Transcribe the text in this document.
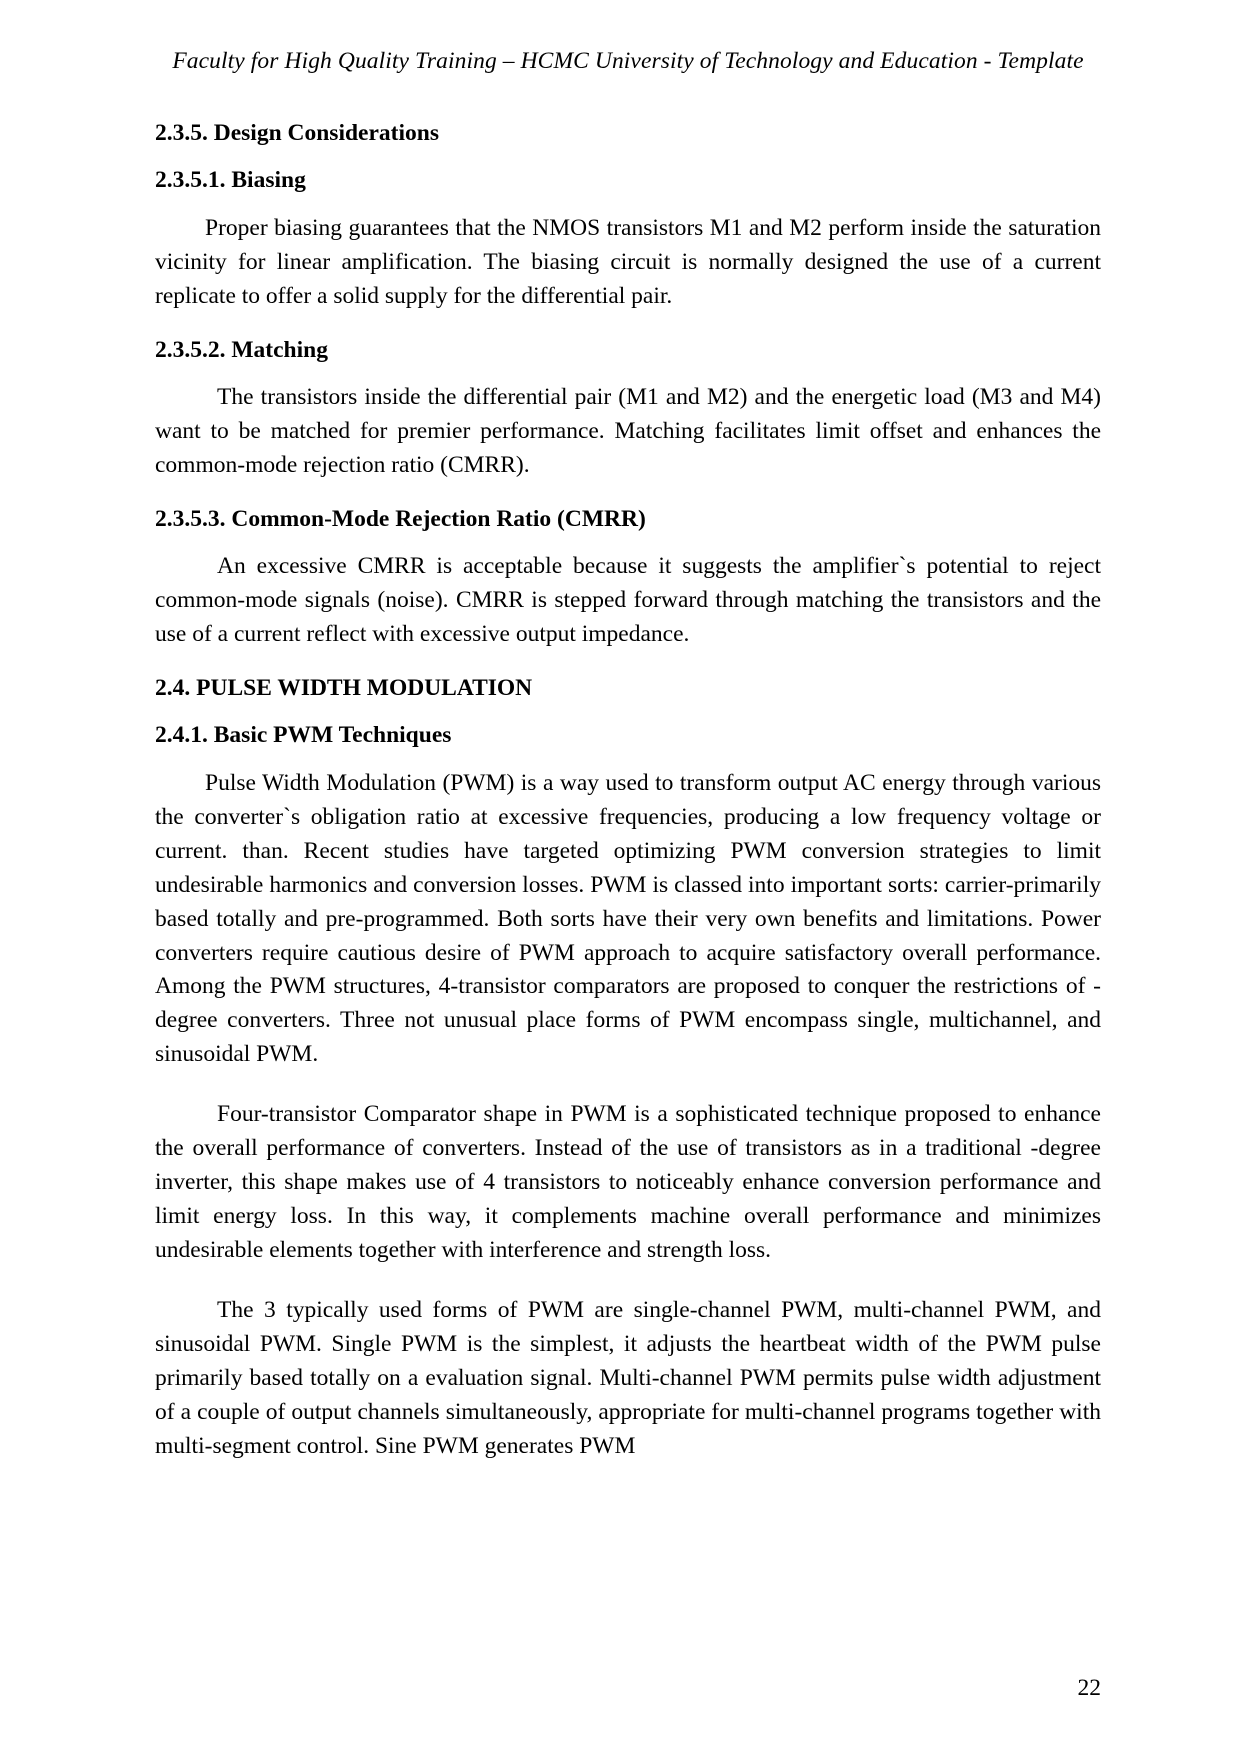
Faculty for High Quality Training – HCMC University of Technology and Education - Template
2.3.5. Design Considerations
2.3.5.1. Biasing

Proper biasing guarantees that the NMOS transistors M1 and M2 perform inside the saturation vicinity for linear amplification. The biasing circuit is normally designed the use of a current replicate to offer a solid supply for the differential pair.

2.3.5.2. Matching

The transistors inside the differential pair (M1 and M2) and the energetic load (M3 and M4) want to be matched for premier performance. Matching facilitates limit offset and enhances the common-mode rejection ratio (CMRR).

2.3.5.3. Common-Mode Rejection Ratio (CMRR)

An excessive CMRR is acceptable because it suggests the amplifier`s potential to reject common-mode signals (noise). CMRR is stepped forward through matching the transistors and the use of a current reflect with excessive output impedance.

2.4. PULSE WIDTH MODULATION
2.4.1. Basic PWM Techniques

Pulse Width Modulation (PWM) is a way used to transform output AC energy through various the converter`s obligation ratio at excessive frequencies, producing a low frequency voltage or current. than. Recent studies have targeted optimizing PWM conversion strategies to limit undesirable harmonics and conversion losses. PWM is classed into important sorts: carrier-primarily based totally and pre-programmed. Both sorts have their very own benefits and limitations. Power converters require cautious desire of PWM approach to acquire satisfactory overall performance. Among the PWM structures, 4-transistor comparators are proposed to conquer the restrictions of -degree converters. Three not unusual place forms of PWM encompass single, multichannel, and sinusoidal PWM.

Four-transistor Comparator shape in PWM is a sophisticated technique proposed to enhance the overall performance of converters. Instead of the use of transistors as in a traditional -degree inverter, this shape makes use of 4 transistors to noticeably enhance conversion performance and limit energy loss. In this way, it complements machine overall performance and minimizes undesirable elements together with interference and strength loss.

The 3 typically used forms of PWM are single-channel PWM, multi-channel PWM, and sinusoidal PWM. Single PWM is the simplest, it adjusts the heartbeat width of the PWM pulse primarily based totally on a evaluation signal. Multi-channel PWM permits pulse width adjustment of a couple of output channels simultaneously, appropriate for multi-channel programs together with multi-segment control. Sine PWM generates PWM

22
